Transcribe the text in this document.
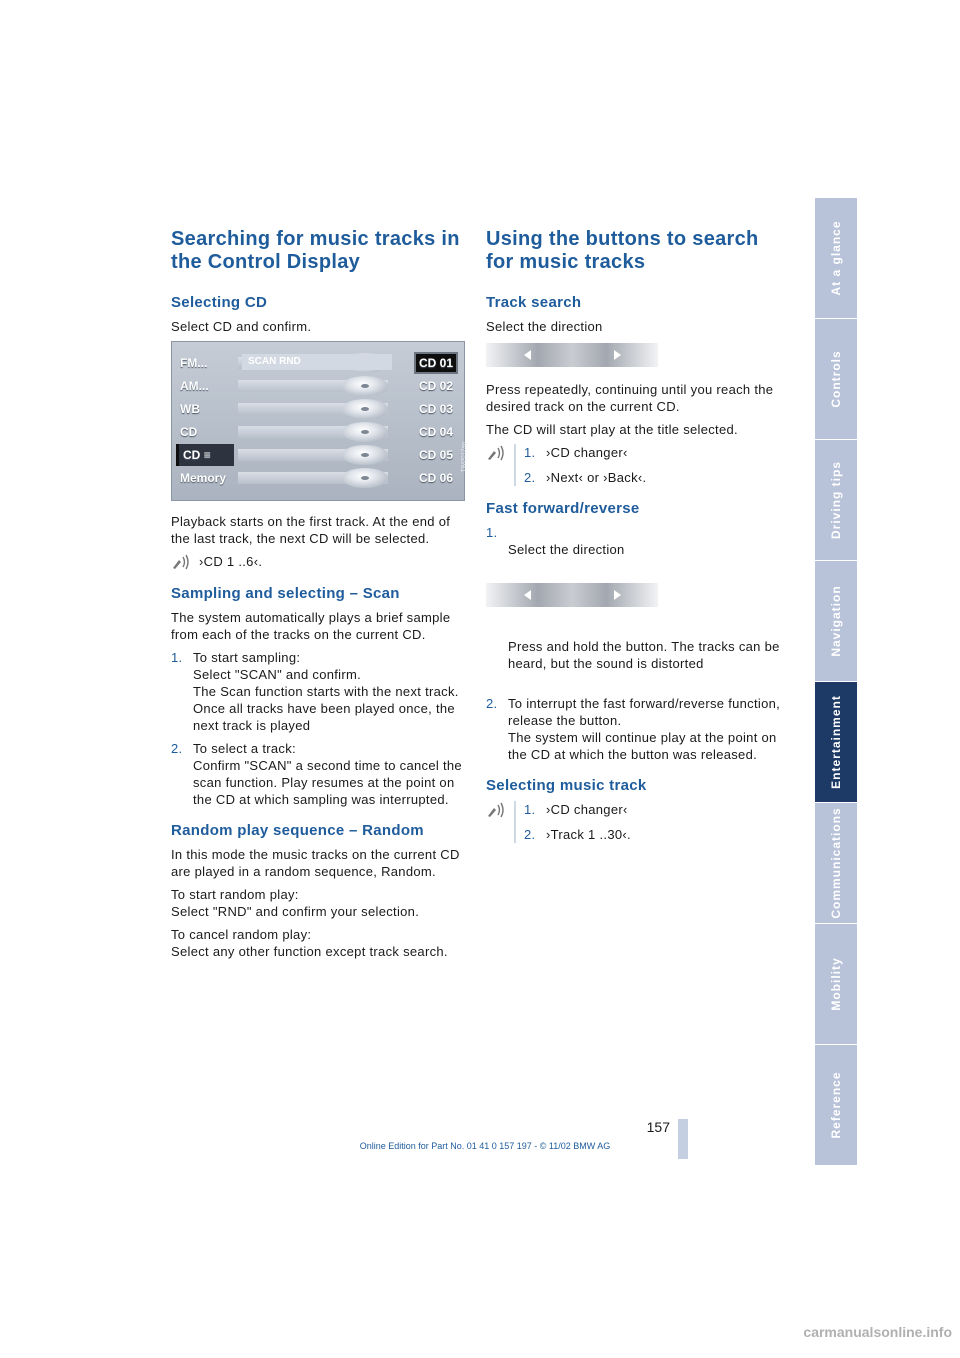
Searching for music tracks in the Control Display
Selecting CD

Select CD and confirm.

FM...
AM...
WB
CD
CD ≡
Memory
CD 01
CD 02
CD 03
CD 04
CD 05
CD 06
SCAN RND
TIM2012ao

Playback starts on the first track. At the end of the last track, the next CD will be selected.

›CD 1 ..6‹.
Sampling and selecting – Scan

The system automatically plays a brief sample from each of the tracks on the current CD.

1. To start sampling:
Select "SCAN" and confirm.
The Scan function starts with the next track. Once all tracks have been played once, the next track is played
2. To select a track:
Confirm "SCAN" a second time to cancel the scan function. Play resumes at the point on the CD at which sampling was interrupted.
Random play sequence – Random

In this mode the music tracks on the current CD are played in a random sequence, Random.

To start random play:
Select "RND" and confirm your selection.

To cancel random play:
Select any other function except track search.

Using the buttons to search for music tracks
Track search

Select the direction

Press repeatedly, continuing until you reach the desired track on the current CD.

The CD will start play at the title selected.

1. ›CD changer‹
2. ›Next‹ or ›Back‹.
Fast forward/reverse
1.

Select the direction

Press and hold the button. The tracks can be heard, but the sound is distorted

2. To interrupt the fast forward/reverse function, release the button.
The system will continue play at the point on the CD at which the button was released.
Selecting music track
1. ›CD changer‹
2. ›Track 1 ..30‹.
At a glance
Controls
Driving tips
Navigation
Entertainment
Communications
Mobility
Reference
157
Online Edition for Part No. 01 41 0 157 197 - © 11/02 BMW AG
carmanualsonline.info
